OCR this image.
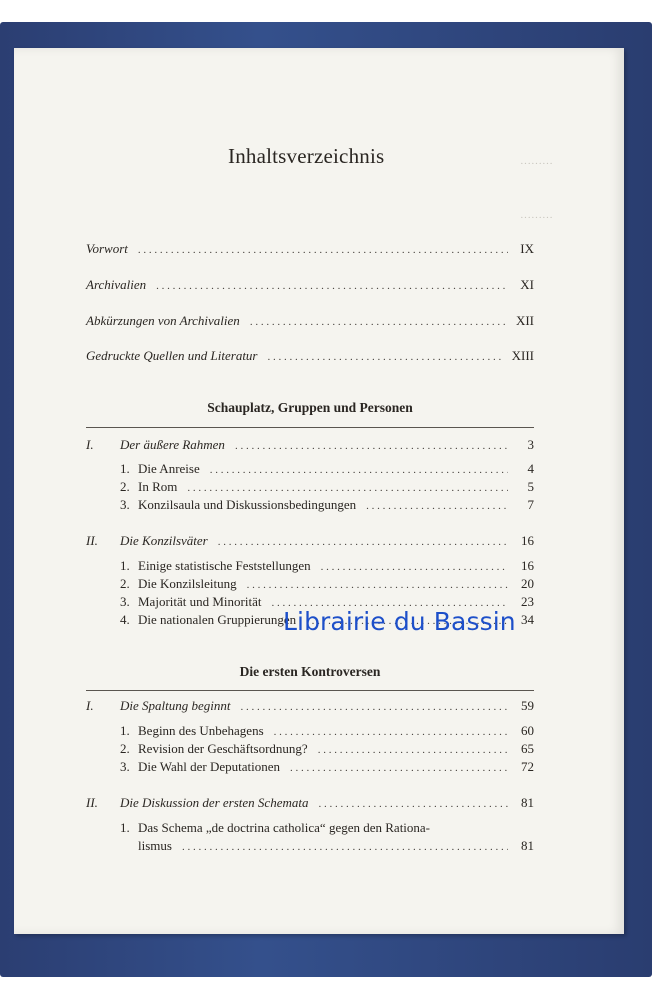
·········
·········
Inhaltsverzeichnis
Vorwort . . .	IX
Archivalien . . .	XI
Abkürzungen von Archivalien . . .	XII
Gedruckte Quellen und Literatur . . .	XIII
Schauplatz, Gruppen und Personen
I.	Der äußere Rahmen . . .	3
1. Die Anreise . . .	4
2. In Rom . . .	5
3. Konzilsaula und Diskussionsbedingungen . . .	7
II.	Die Konzilsväter . . .	16
1. Einige statistische Feststellungen . . .	16
2. Die Konzilsleitung . . .	20
3. Majorität und Minorität . . .	23
4. Die nationalen Gruppierungen . . .	34
Die ersten Kontroversen
I.	Die Spaltung beginnt . . .	59
1. Beginn des Unbehagens . . .	60
2. Revision der Geschäftsordnung? . . .	65
3. Die Wahl der Deputationen . . .	72
II.	Die Diskussion der ersten Schemata . . .	81
1. Das Schema „de doctrina catholica“ gegen den Rationa-
lismus . . .	81
Librairie du Bassin
